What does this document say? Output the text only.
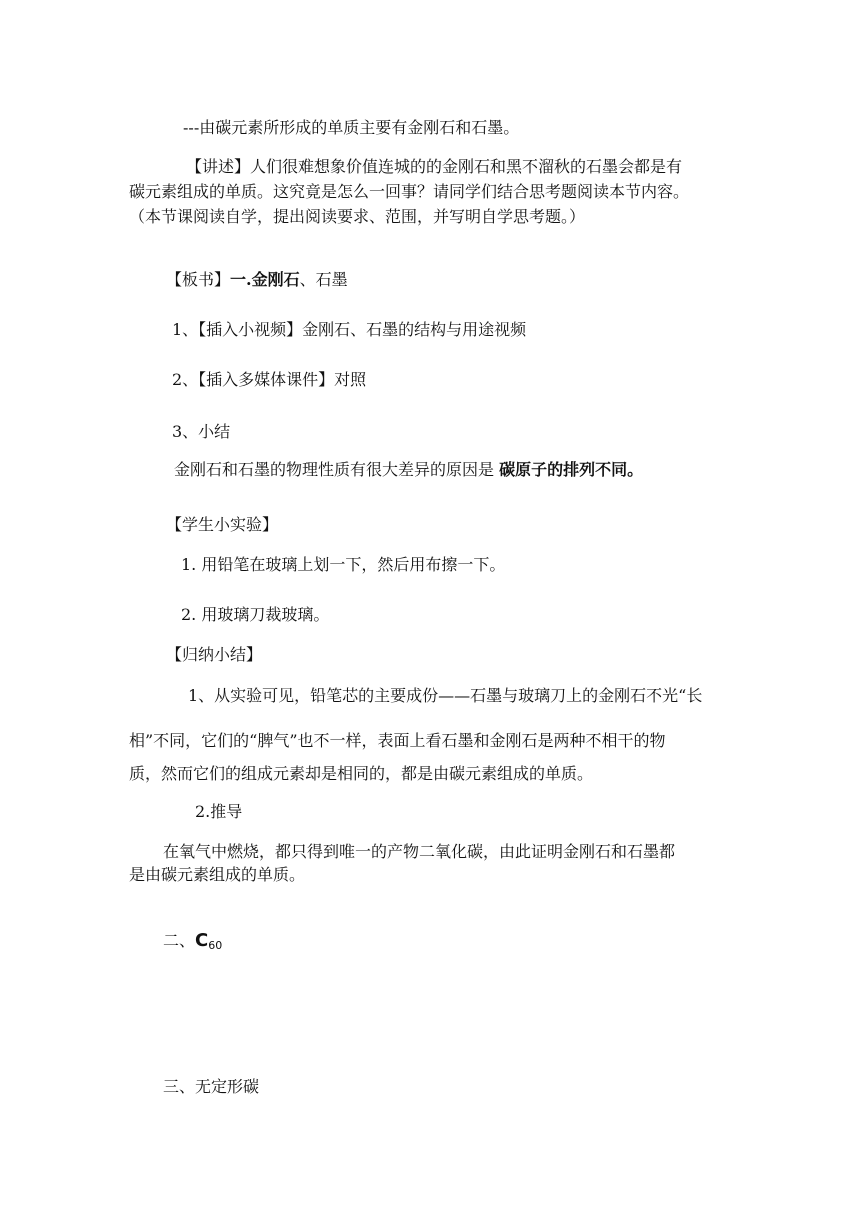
---由碳元素所形成的单质主要有金刚石和石墨。
【讲述】人们很难想象价值连城的的金刚石和黑不溜秋的石墨会都是有
碳元素组成的单质。这究竟是怎么一回事？请同学们结合思考题阅读本节内容。
（本节课阅读自学，提出阅读要求、范围，并写明自学思考题。）
【板书】一.金刚石、石墨
1、【插入小视频】金刚石、石墨的结构与用途视频
2、【插入多媒体课件】对照
3、小结
金刚石和石墨的物理性质有很大差异的原因是 碳原子的排列不同。
【学生小实验】
1. 用铅笔在玻璃上划一下，然后用布擦一下。
2. 用玻璃刀裁玻璃。
【归纳小结】
1、从实验可见，铅笔芯的主要成份——石墨与玻璃刀上的金刚石不光“长
相”不同，它们的“脾气”也不一样，表面上看石墨和金刚石是两种不相干的物
质，然而它们的组成元素却是相同的，都是由碳元素组成的单质。
2.推导
在氧气中燃烧，都只得到唯一的产物二氧化碳，由此证明金刚石和石墨都
是由碳元素组成的单质。
二、$C_{60}$
三、无定形碳
